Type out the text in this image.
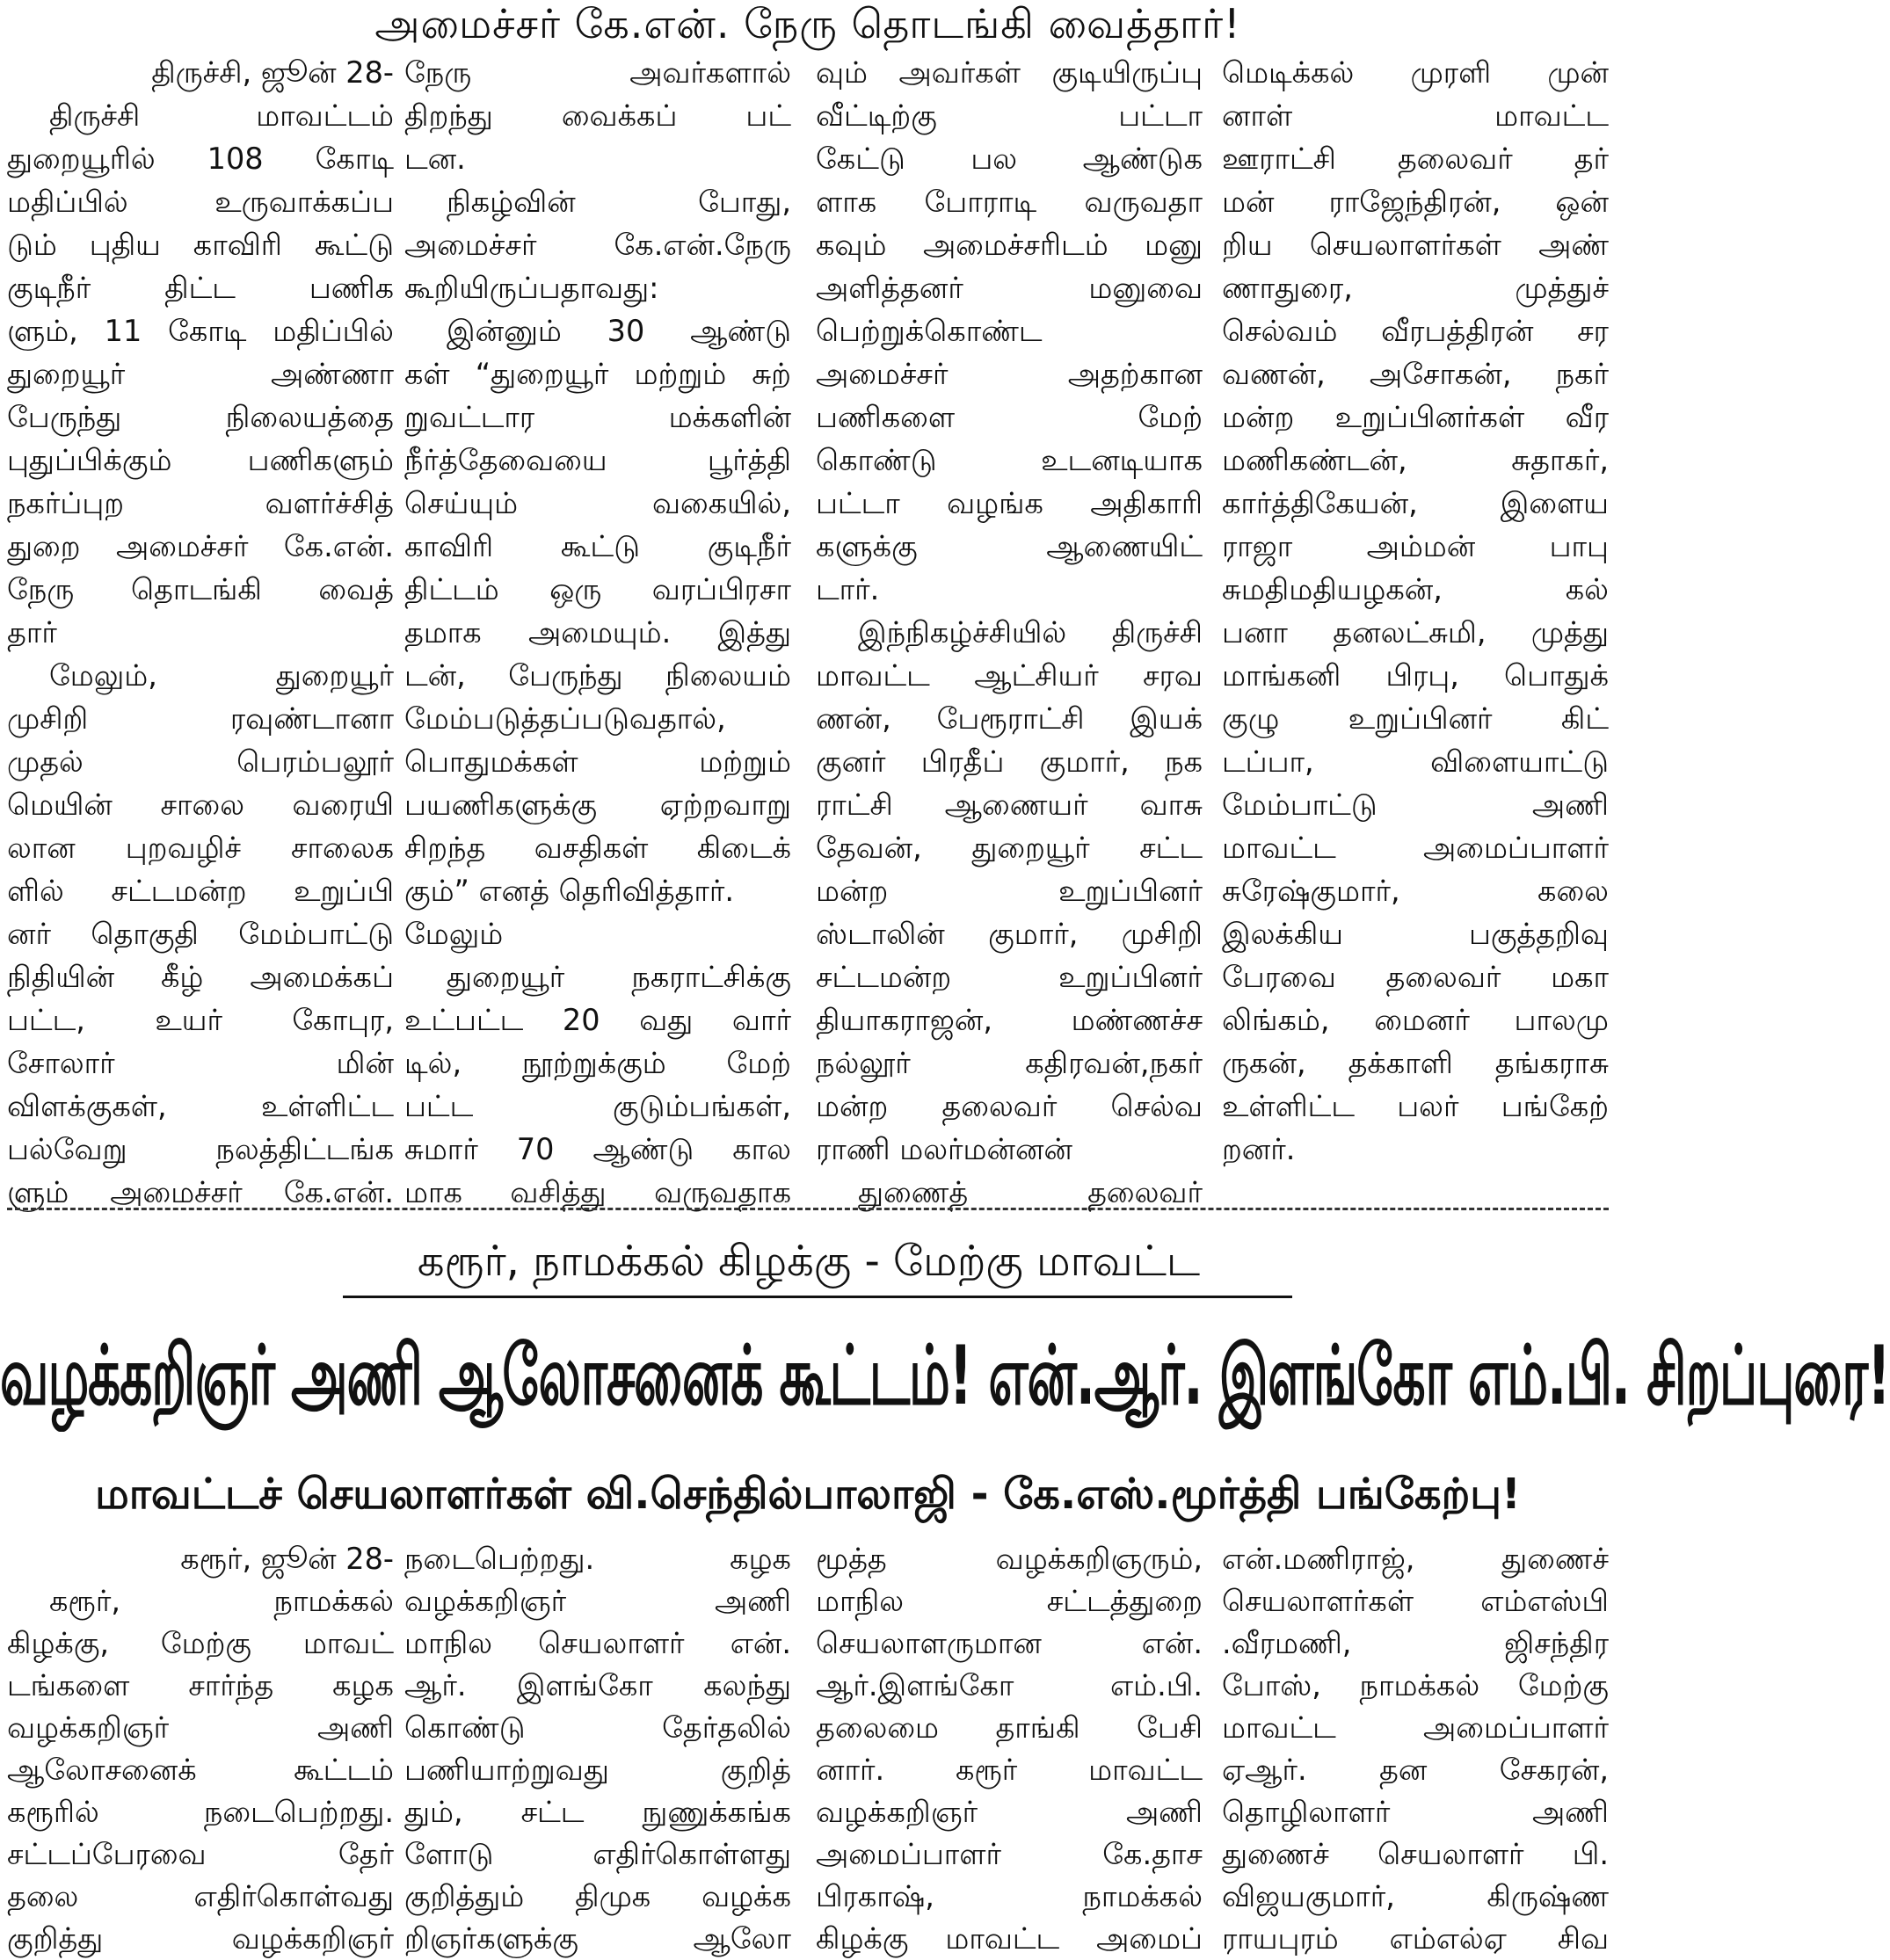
அமைச்சர் கே.என். நேரு தொடங்கி வைத்தார்!

திருச்சி, ஜூன் 28-

திருச்சி மாவட்டம்

துறையூரில் 108 கோடி

மதிப்பில் உருவாக்கப்ப

டும் புதிய காவிரி கூட்டு

குடிநீர் திட்ட பணிக

ளும், 11 கோடி மதிப்பில்

துறையூர் அண்ணா

பேருந்து நிலையத்தை

புதுப்பிக்கும் பணிகளும்

நகர்ப்புற வளர்ச்சித்

துறை அமைச்சர் கே.என்.

நேரு தொடங்கி வைத்

தார்

மேலும், துறையூர்

முசிறி ரவுண்டானா

முதல் பெரம்பலூர்

மெயின் சாலை வரையி

லான புறவழிச் சாலைக

ளில் சட்டமன்ற உறுப்பி

னர் தொகுதி மேம்பாட்டு

நிதியின் கீழ் அமைக்கப்

பட்ட, உயர் கோபுர,

சோலார் மின்

விளக்குகள், உள்ளிட்ட

பல்வேறு நலத்திட்டங்க

ளும் அமைச்சர் கே.என்.

நேரு அவர்களால்

திறந்து வைக்கப் பட்

டன.

நிகழ்வின் போது,

அமைச்சர் கே.என்.நேரு

கூறியிருப்பதாவது:

இன்னும் 30 ஆண்டு

கள் “துறையூர் மற்றும் சுற்

றுவட்டார மக்களின்

நீர்த்தேவையை பூர்த்தி

செய்யும் வகையில்,

காவிரி கூட்டு குடிநீர்

திட்டம் ஒரு வரப்பிரசா

தமாக அமையும். இத்து

டன், பேருந்து நிலையம்

மேம்படுத்தப்படுவதால்,

பொதுமக்கள் மற்றும்

பயணிகளுக்கு ஏற்றவாறு

சிறந்த வசதிகள் கிடைக்

கும்” எனத் தெரிவித்தார்.

மேலும்

துறையூர் நகராட்சிக்கு

உட்பட்ட 20 வது வார்

டில், நூற்றுக்கும் மேற்

பட்ட குடும்பங்கள்,

சுமார் 70 ஆண்டு கால

மாக வசித்து வருவதாக

வும் அவர்கள் குடியிருப்பு

வீட்டிற்கு பட்டா

கேட்டு பல ஆண்டுக

ளாக போராடி வருவதா

கவும் அமைச்சரிடம் மனு

அளித்தனர் மனுவை

பெற்றுக்கொண்ட

அமைச்சர் அதற்கான

பணிகளை மேற்

கொண்டு உடனடியாக

பட்டா வழங்க அதிகாரி

களுக்கு ஆணையிட்

டார்.

இந்நிகழ்ச்சியில் திருச்சி

மாவட்ட ஆட்சியர் சரவ

ணன், பேரூராட்சி இயக்

குனர் பிரதீப் குமார், நக

ராட்சி ஆணையர் வாசு

தேவன், துறையூர் சட்ட

மன்ற உறுப்பினர்

ஸ்டாலின் குமார், முசிறி

சட்டமன்ற உறுப்பினர்

தியாகராஜன், மண்ணச்ச

நல்லூர் கதிரவன்,நகர்

மன்ற தலைவர் செல்வ

ராணி மலர்மன்னன்

துணைத் தலைவர்

மெடிக்கல் முரளி முன்

னாள் மாவட்ட

ஊராட்சி தலைவர் தர்

மன் ராஜேந்திரன், ஒன்

றிய செயலாளர்கள் அண்

ணாதுரை, முத்துச்

செல்வம் வீரபத்திரன் சர

வணன், அசோகன், நகர்

மன்ற உறுப்பினர்கள் வீர

மணிகண்டன், சுதாகர்,

கார்த்திகேயன், இளைய

ராஜா அம்மன் பாபு

சுமதிமதியழகன், கல்

பனா தனலட்சுமி, முத்து

மாங்கனி பிரபு, பொதுக்

குழு உறுப்பினர் கிட்

டப்பா, விளையாட்டு

மேம்பாட்டு அணி

மாவட்ட அமைப்பாளர்

சுரேஷ்குமார், கலை

இலக்கிய பகுத்தறிவு

பேரவை தலைவர் மகா

லிங்கம், மைனர் பாலமு

ருகன், தக்காளி தங்கராசு

உள்ளிட்ட பலர் பங்கேற்

றனர்.

கரூர், நாமக்கல் கிழக்கு - மேற்கு மாவட்ட
வழக்கறிஞர் அணி ஆலோசனைக் கூட்டம்! என்.ஆர். இளங்கோ எம்.பி. சிறப்புரை!
மாவட்டச் செயலாளர்கள் வி.செந்தில்பாலாஜி - கே.எஸ்.மூர்த்தி பங்கேற்பு!

கரூர், ஜூன் 28-

கரூர், நாமக்கல்

கிழக்கு, மேற்கு மாவட்

டங்களை சார்ந்த கழக

வழக்கறிஞர் அணி

ஆலோசனைக் கூட்டம்

கரூரில் நடைபெற்றது.

சட்டப்பேரவை தேர்

தலை எதிர்கொள்வது

குறித்து வழக்கறிஞர்

நடைபெற்றது. கழக

வழக்கறிஞர் அணி

மாநில செயலாளர் என்.

ஆர். இளங்கோ கலந்து

கொண்டு தேர்தலில்

பணியாற்றுவது குறித்

தும், சட்ட நுணுக்கங்க

ளோடு எதிர்கொள்ளது

குறித்தும் திமுக வழக்க

றிஞர்களுக்கு ஆலோ

மூத்த வழக்கறிஞரும்,

மாநில சட்டத்துறை

செயலாளருமான என்.

ஆர்.இளங்கோ எம்.பி.

தலைமை தாங்கி பேசி

னார். கரூர் மாவட்ட

வழக்கறிஞர் அணி

அமைப்பாளர் கே.தாச

பிரகாஷ், நாமக்கல்

கிழக்கு மாவட்ட அமைப்

என்.மணிராஜ், துணைச்

செயலாளர்கள் எம்எஸ்பி

.வீரமணி, ஜிசந்திர

போஸ், நாமக்கல் மேற்கு

மாவட்ட அமைப்பாளர்

ஏஆர். தன சேகரன்,

தொழிலாளர் அணி

துணைச் செயலாளர் பி.

விஜயகுமார், கிருஷ்ண

ராயபுரம் எம்எல்ஏ சிவ
